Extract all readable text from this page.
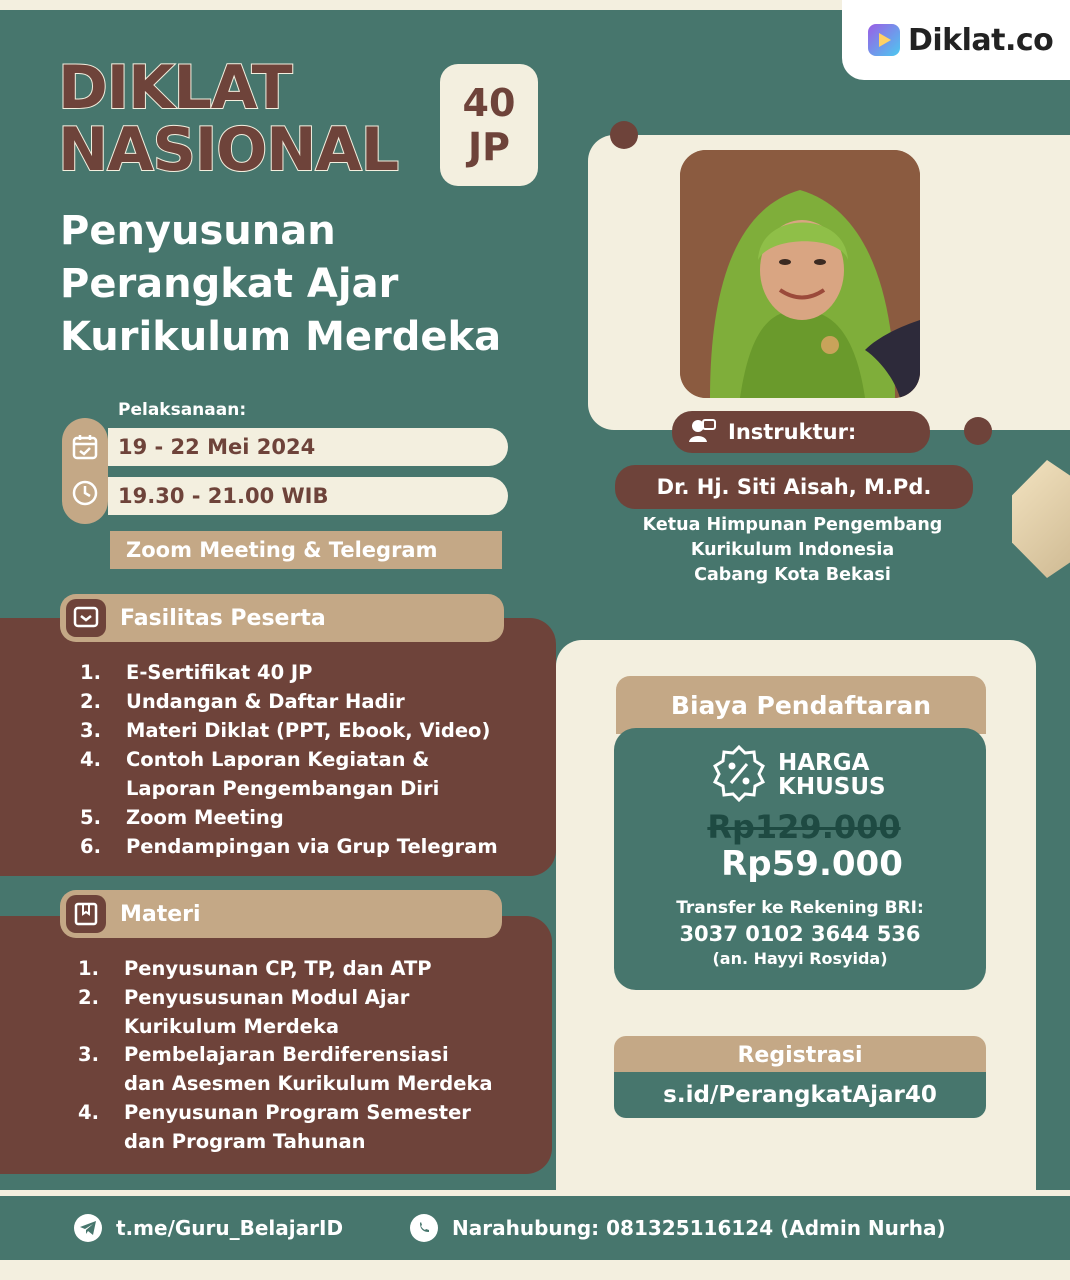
Diklat.co
DIKLAT
NASIONAL
40
JP
Penyusunan
Perangkat Ajar
Kurikulum Merdeka
Instruktur:
Dr. Hj. Siti Aisah, M.Pd.
Ketua Himpunan Pengembang
Kurikulum Indonesia
Cabang Kota Bekasi
Pelaksanaan:
19 - 22 Mei 2024
19.30 - 21.00 WIB
Zoom Meeting & Telegram
Fasilitas Peserta
1.	E-Sertifikat 40 JP
2.	Undangan & Daftar Hadir
3.	Materi Diklat (PPT, Ebook, Video)
4.	Contoh Laporan Kegiatan &
Laporan Pengembangan Diri
5.	Zoom Meeting
6.	Pendampingan via Grup Telegram
Materi
1.	Penyusunan CP, TP, dan ATP
2.	Penyususunan Modul Ajar
Kurikulum Merdeka
3.	Pembelajaran Berdiferensiasi
dan Asesmen Kurikulum Merdeka
4.	Penyusunan Program Semester
dan Program Tahunan
Biaya Pendaftaran
HARGA
KHUSUS
Rp129.000
Rp59.000
Transfer ke Rekening BRI:
3037 0102 3644 536
(an. Hayyi Rosyida)
Registrasi
s.id/PerangkatAjar40
t.me/Guru_BelajarID	Narahubung: 081325116124 (Admin Nurha)
